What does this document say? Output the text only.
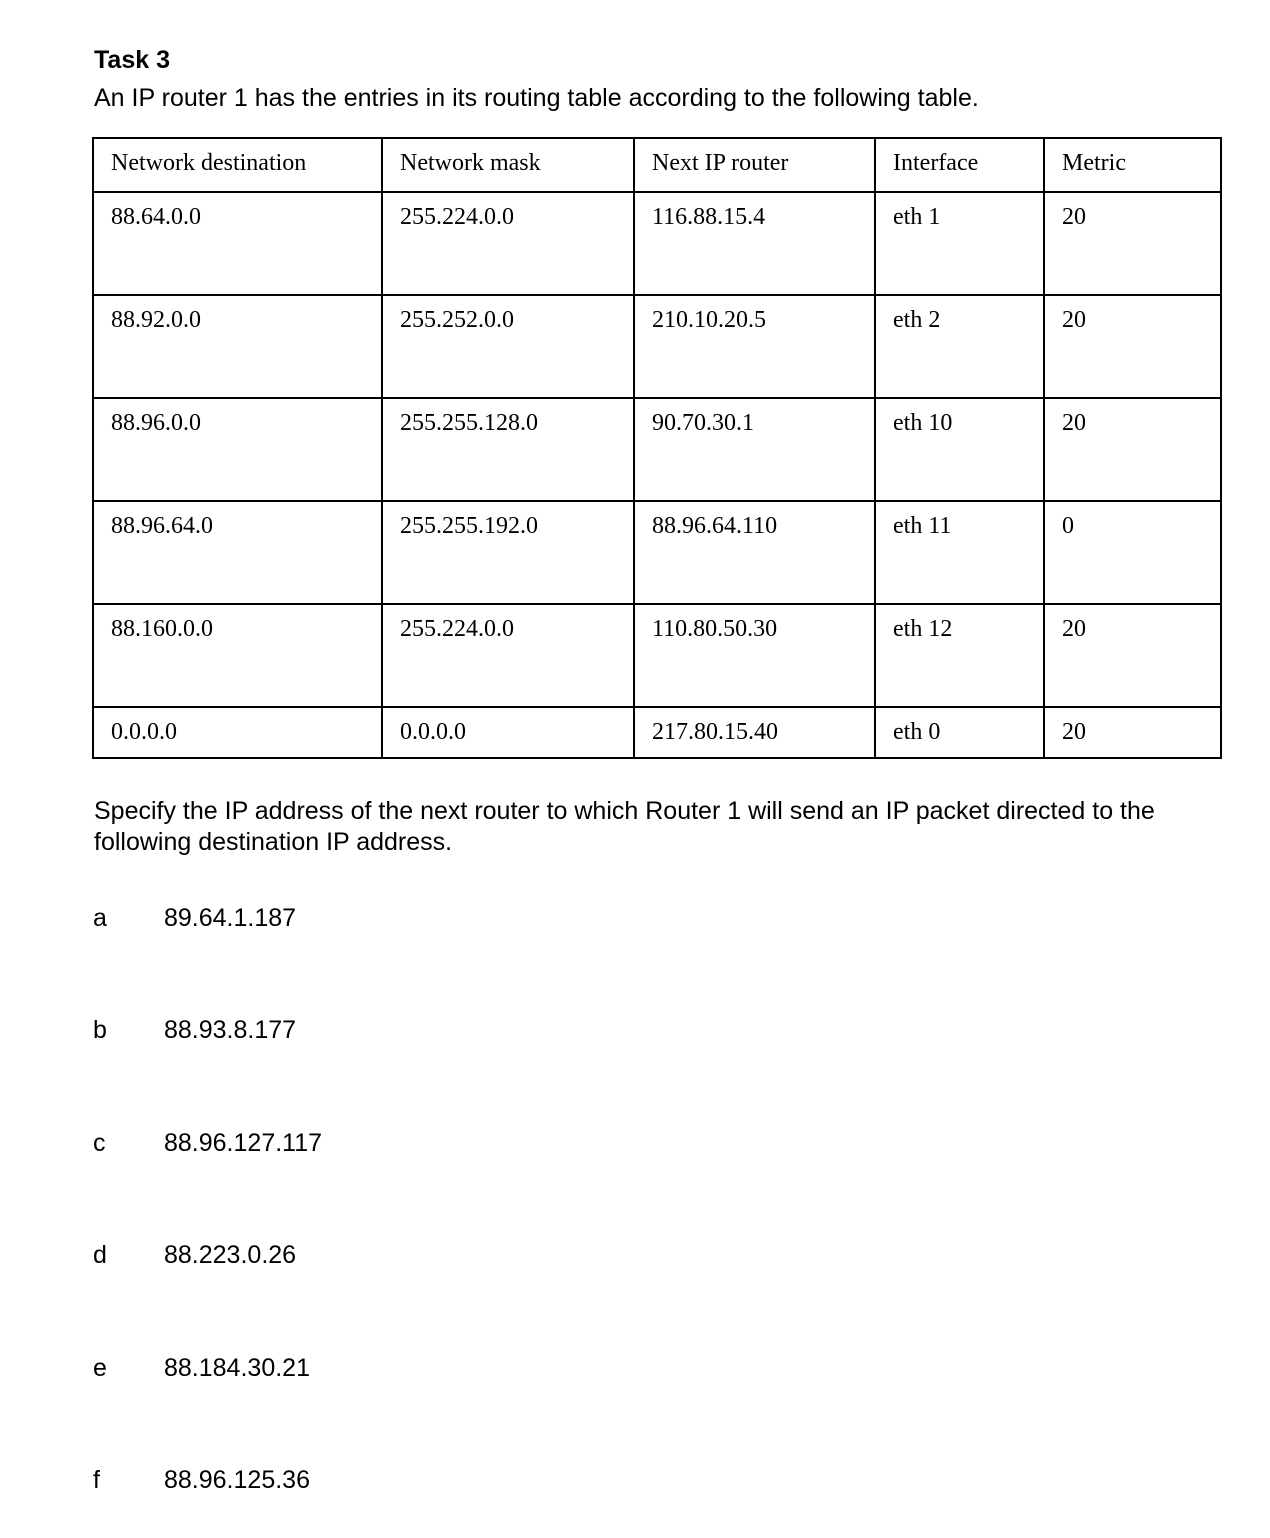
Task 3
An IP router 1 has the entries in its routing table according to the following table.
Network destination	Network mask	Next IP router	Interface	Metric
88.64.0.0	255.224.0.0	116.88.15.4	eth 1	20
88.92.0.0	255.252.0.0	210.10.20.5	eth 2	20
88.96.0.0	255.255.128.0	90.70.30.1	eth 10	20
88.96.64.0	255.255.192.0	88.96.64.110	eth 11	0
88.160.0.0	255.224.0.0	110.80.50.30	eth 12	20
0.0.0.0	0.0.0.0	217.80.15.40	eth 0	20
Specify the IP address of the next router to which Router 1 will send an IP packet directed to the following destination IP address.
a 89.64.1.187
b 88.93.8.177
c 88.96.127.117
d 88.223.0.26
e 88.184.30.21
f	88.96.125.36
